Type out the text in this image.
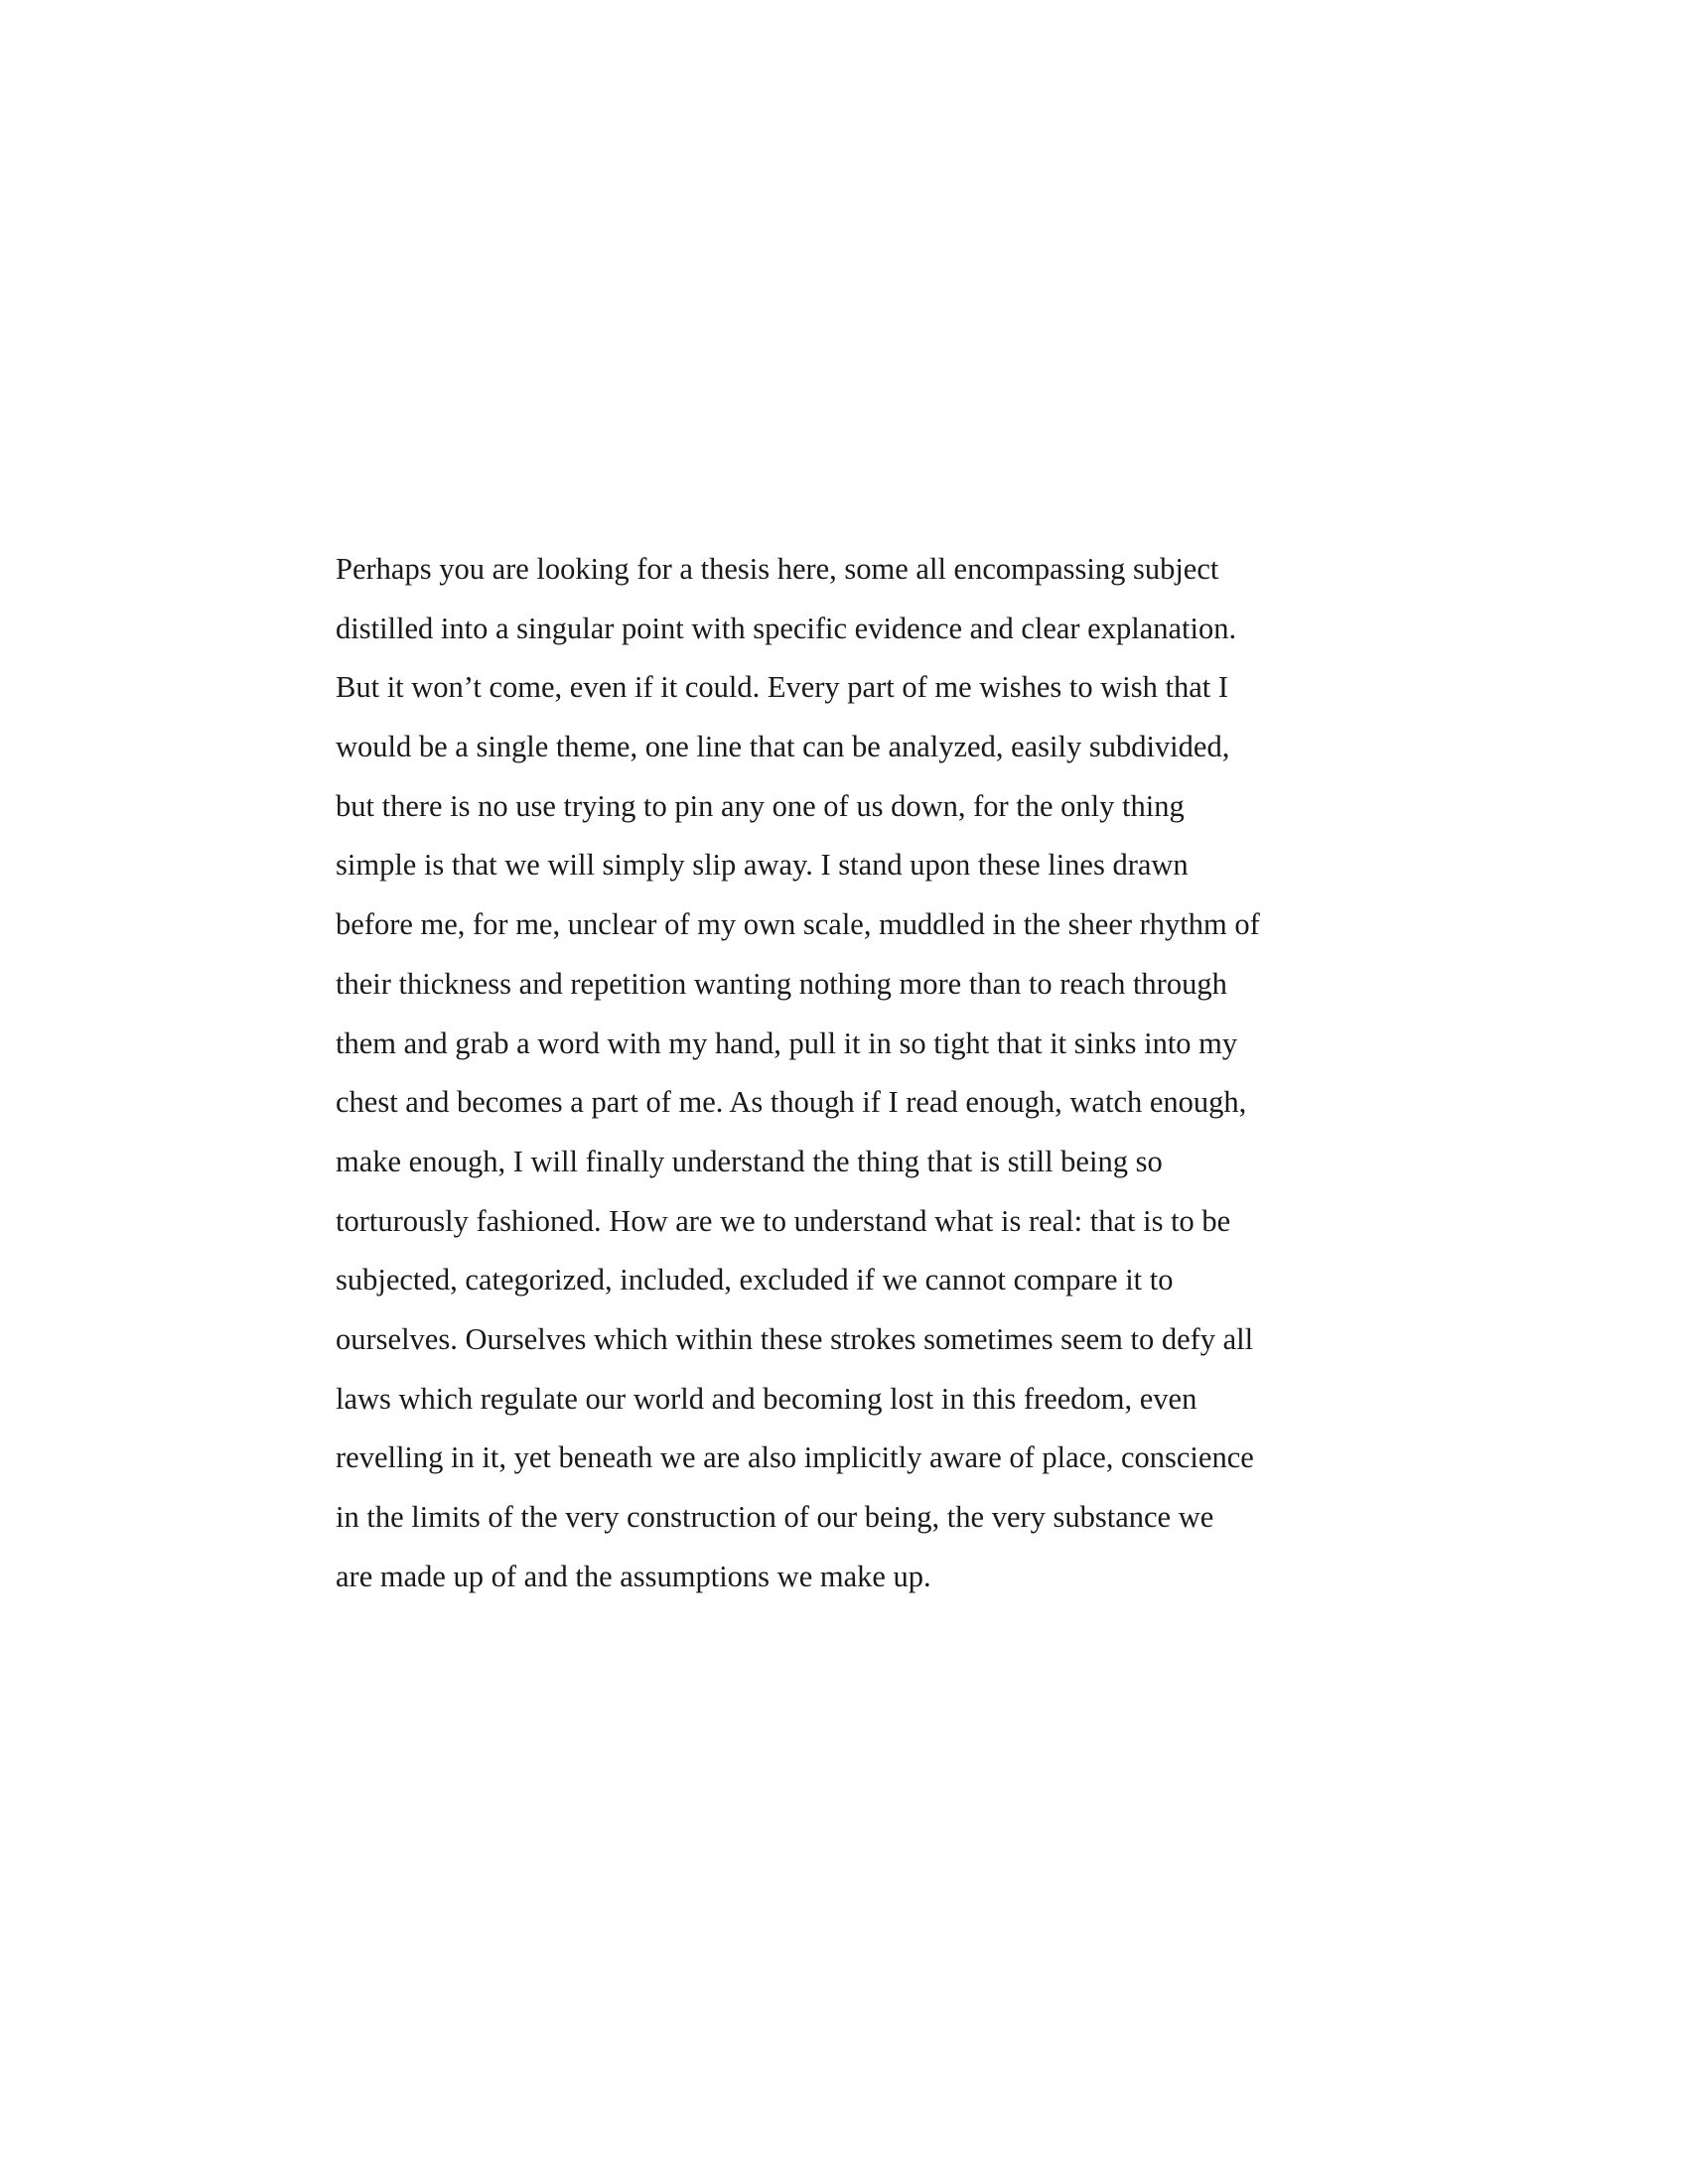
Perhaps you are looking for a thesis here, some all encompassing subject
distilled into a singular point with specific evidence and clear explanation.
But it won’t come, even if it could. Every part of me wishes to wish that I
would be a single theme, one line that can be analyzed, easily subdivided,
but there is no use trying to pin any one of us down, for the only thing
simple is that we will simply slip away. I stand upon these lines drawn
before me, for me, unclear of my own scale, muddled in the sheer rhythm of
their thickness and repetition wanting nothing more than to reach through
them and grab a word with my hand, pull it in so tight that it sinks into my
chest and becomes a part of me. As though if I read enough, watch enough,
make enough, I will finally understand the thing that is still being so
torturously fashioned. How are we to understand what is real: that is to be
subjected, categorized, included, excluded if we cannot compare it to
ourselves. Ourselves which within these strokes sometimes seem to defy all
laws which regulate our world and becoming lost in this freedom, even
revelling in it, yet beneath we are also implicitly aware of place, conscience
in the limits of the very construction of our being, the very substance we
are made up of and the assumptions we make up.
